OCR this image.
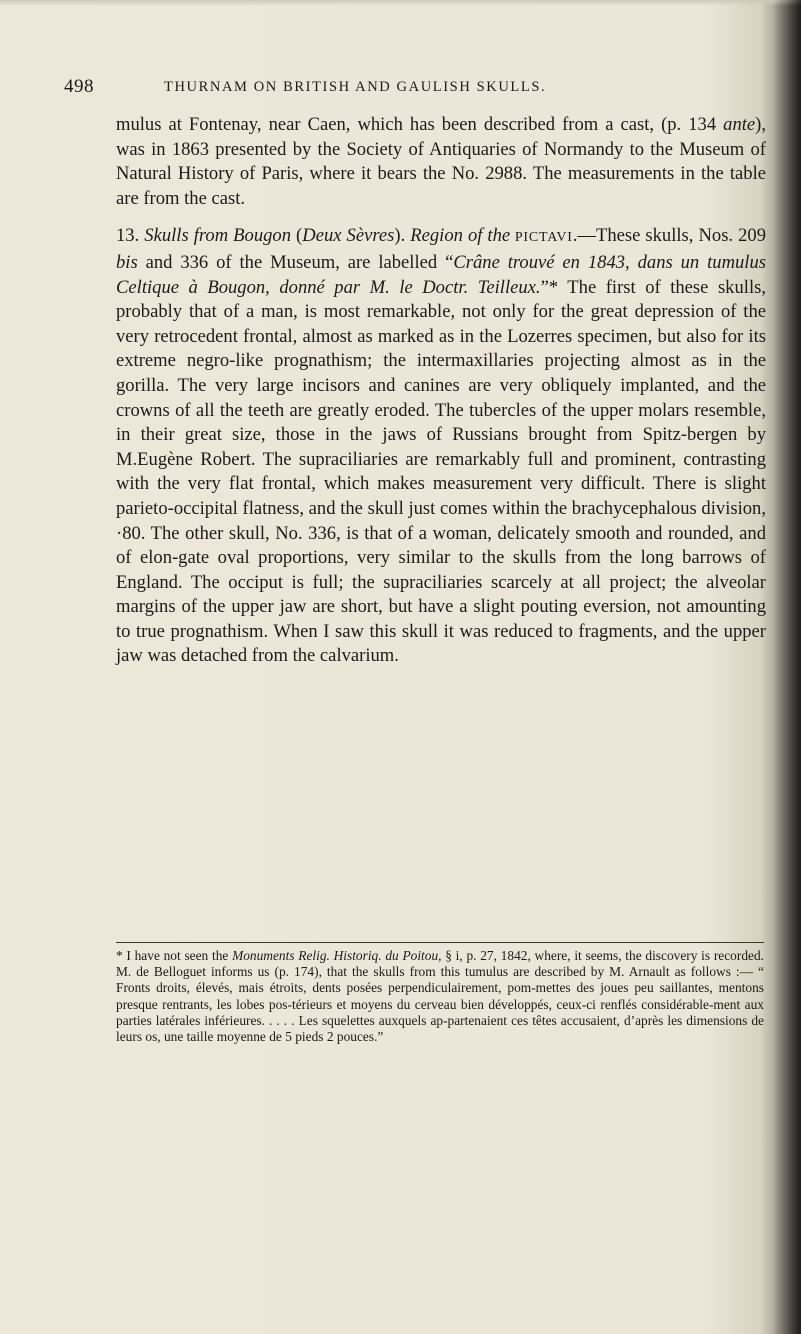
498	THURNAM ON BRITISH AND GAULISH SKULLS.

mulus at Fontenay, near Caen, which has been described from a cast, (p. 134 ante), was in 1863 presented by the Society of Antiquaries of Normandy to the Museum of Natural History of Paris, where it bears the No. 2988. The measurements in the table are from the cast.

13. Skulls from Bougon (Deux Sèvres). Region of the PICTAVI.—These skulls, Nos. 209 bis and 336 of the Museum, are labelled “Crâne trouvé en 1843, dans un tumulus Celtique à Bougon, donné par M. le Doctr. Teilleux.”* The first of these skulls, probably that of a man, is most remarkable, not only for the great depression of the very retrocedent frontal, almost as marked as in the Lozerres specimen, but also for its extreme negro-like prognathism; the intermaxillaries projecting almost as in the gorilla. The very large incisors and canines are very obliquely implanted, and the crowns of all the teeth are greatly eroded. The tubercles of the upper molars resemble, in their great size, those in the jaws of Russians brought from Spitz-bergen by M.Eugène Robert. The supraciliaries are remarkably full and prominent, contrasting with the very flat frontal, which makes measurement very difficult. There is slight parieto-occipital flatness, and the skull just comes within the brachycephalous division, ·80. The other skull, No. 336, is that of a woman, delicately smooth and rounded, and of elon-gate oval proportions, very similar to the skulls from the long barrows of England. The occiput is full; the supraciliaries scarcely at all project; the alveolar margins of the upper jaw are short, but have a slight pouting eversion, not amounting to true prognathism. When I saw this skull it was reduced to fragments, and the upper jaw was detached from the calvarium.

* I have not seen the Monuments Relig. Historiq. du Poitou, § i, p. 27, 1842, where, it seems, the discovery is recorded. M. de Belloguet informs us (p. 174), that the skulls from this tumulus are described by M. Arnault as follows :— “ Fronts droits, élevés, mais étroits, dents posées perpendiculairement, pom-mettes des joues peu saillantes, mentons presque rentrants, les lobes pos-térieurs et moyens du cerveau bien développés, ceux-ci renflés considérable-ment aux parties latérales inférieures. . . . . Les squelettes auxquels ap-partenaient ces têtes accusaient, d’après les dimensions de leurs os, une taille moyenne de 5 pieds 2 pouces.”
